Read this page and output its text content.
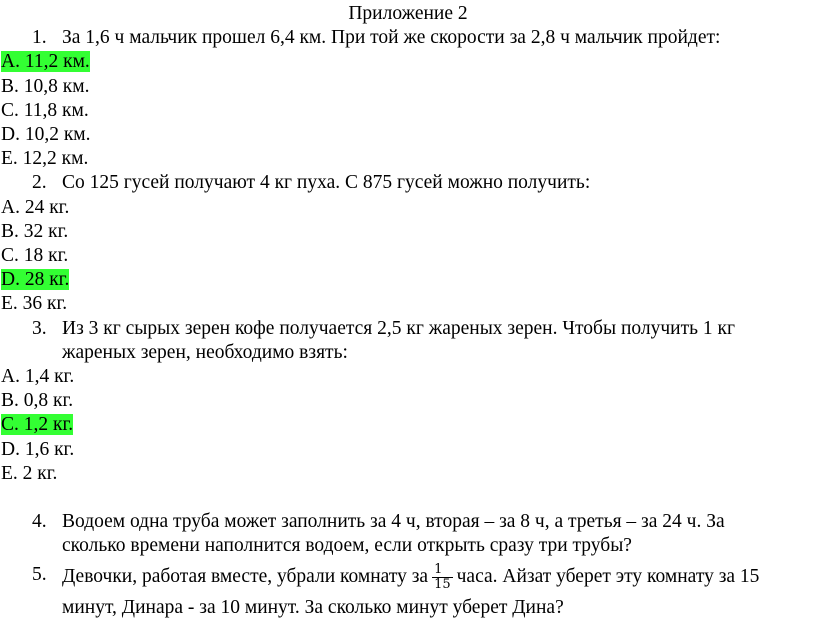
Приложение 2
1. За 1,6 ч мальчик прошел 6,4 км. При той же скорости за 2,8 ч мальчик пройдет:
A. 11,2 км.
B. 10,8 км.
C. 11,8 км.
D. 10,2 км.
E. 12,2 км.
2. Со 125 гусей получают 4 кг пуха. С 875 гусей можно получить:
A. 24 кг.
B. 32 кг.
C. 18 кг.
D. 28 кг.
E. 36 кг.
3. Из 3 кг сырых зерен кофе получается 2,5 кг жареных зерен. Чтобы получить 1 кг
жареных зерен, необходимо взять:
A. 1,4 кг.
B. 0,8 кг.
C. 1,2 кг.
D. 1,6 кг.
E. 2 кг.
4. Водоем одна труба может заполнить за 4 ч, вторая – за 8 ч, а третья – за 24 ч. За
сколько времени наполнится водоем, если открыть сразу три трубы?
5. Девочки, работая вместе, убрали комнату за $\frac{1}{15}$ часа. Айзат уберет эту комнату за 15
минут, Динара - за 10 минут. За сколько минут уберет Дина?
